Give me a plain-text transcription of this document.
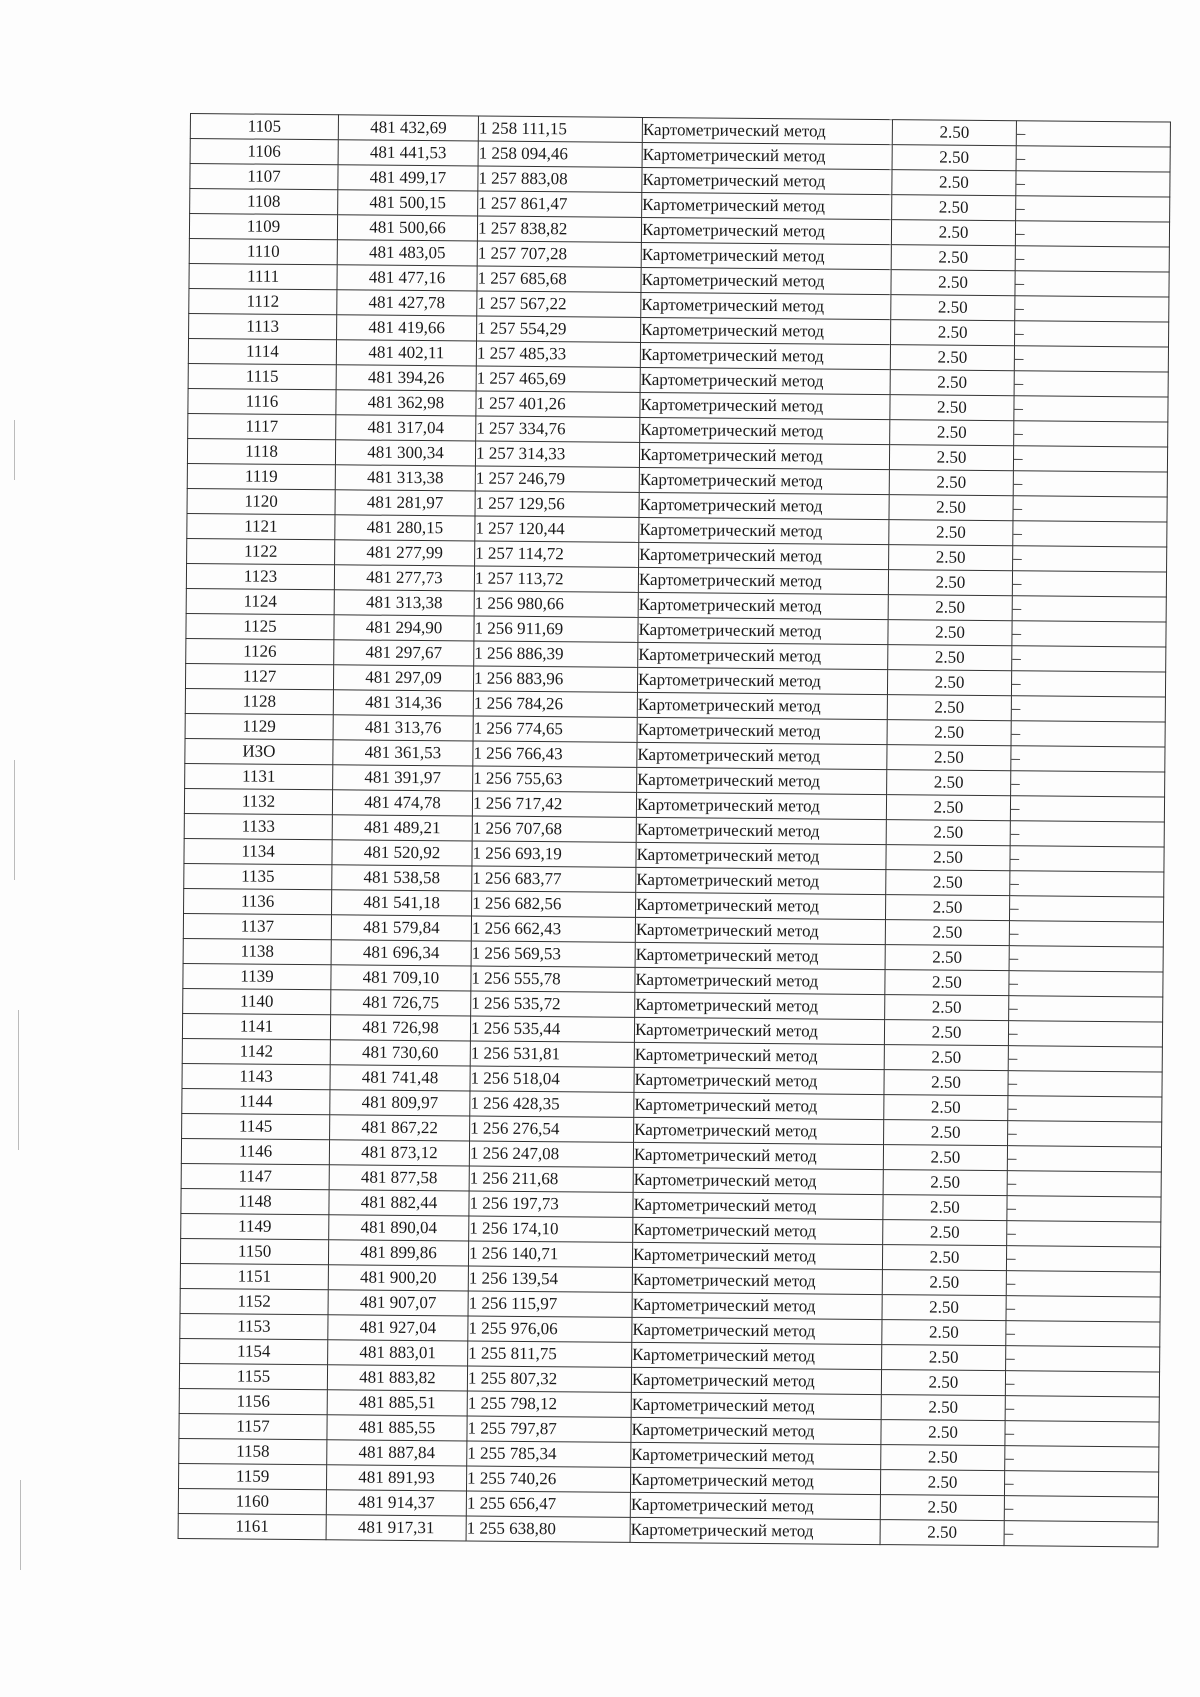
1105	481 432,69	1 258 111,15	Картометрический метод	2.50	–
1106	481 441,53	1 258 094,46	Картометрический метод	2.50	–
1107	481 499,17	1 257 883,08	Картометрический метод	2.50	–
1108	481 500,15	1 257 861,47	Картометрический метод	2.50	–
1109	481 500,66	1 257 838,82	Картометрический метод	2.50	–
1110	481 483,05	1 257 707,28	Картометрический метод	2.50	–
1111	481 477,16	1 257 685,68	Картометрический метод	2.50	–
1112	481 427,78	1 257 567,22	Картометрический метод	2.50	–
1113	481 419,66	1 257 554,29	Картометрический метод	2.50	–
1114	481 402,11	1 257 485,33	Картометрический метод	2.50	–
1115	481 394,26	1 257 465,69	Картометрический метод	2.50	–
1116	481 362,98	1 257 401,26	Картометрический метод	2.50	–
1117	481 317,04	1 257 334,76	Картометрический метод	2.50	–
1118	481 300,34	1 257 314,33	Картометрический метод	2.50	–
1119	481 313,38	1 257 246,79	Картометрический метод	2.50	–
1120	481 281,97	1 257 129,56	Картометрический метод	2.50	–
1121	481 280,15	1 257 120,44	Картометрический метод	2.50	–
1122	481 277,99	1 257 114,72	Картометрический метод	2.50	–
1123	481 277,73	1 257 113,72	Картометрический метод	2.50	–
1124	481 313,38	1 256 980,66	Картометрический метод	2.50	–
1125	481 294,90	1 256 911,69	Картометрический метод	2.50	–
1126	481 297,67	1 256 886,39	Картометрический метод	2.50	–
1127	481 297,09	1 256 883,96	Картометрический метод	2.50	–
1128	481 314,36	1 256 784,26	Картометрический метод	2.50	–
1129	481 313,76	1 256 774,65	Картометрический метод	2.50	–
ИЗО	481 361,53	1 256 766,43	Картометрический метод	2.50	–
1131	481 391,97	1 256 755,63	Картометрический метод	2.50	–
1132	481 474,78	1 256 717,42	Картометрический метод	2.50	–
1133	481 489,21	1 256 707,68	Картометрический метод	2.50	–
1134	481 520,92	1 256 693,19	Картометрический метод	2.50	–
1135	481 538,58	1 256 683,77	Картометрический метод	2.50	–
1136	481 541,18	1 256 682,56	Картометрический метод	2.50	–
1137	481 579,84	1 256 662,43	Картометрический метод	2.50	–
1138	481 696,34	1 256 569,53	Картометрический метод	2.50	–
1139	481 709,10	1 256 555,78	Картометрический метод	2.50	–
1140	481 726,75	1 256 535,72	Картометрический метод	2.50	–
1141	481 726,98	1 256 535,44	Картометрический метод	2.50	–
1142	481 730,60	1 256 531,81	Картометрический метод	2.50	–
1143	481 741,48	1 256 518,04	Картометрический метод	2.50	–
1144	481 809,97	1 256 428,35	Картометрический метод	2.50	–
1145	481 867,22	1 256 276,54	Картометрический метод	2.50	–
1146	481 873,12	1 256 247,08	Картометрический метод	2.50	–
1147	481 877,58	1 256 211,68	Картометрический метод	2.50	–
1148	481 882,44	1 256 197,73	Картометрический метод	2.50	–
1149	481 890,04	1 256 174,10	Картометрический метод	2.50	–
1150	481 899,86	1 256 140,71	Картометрический метод	2.50	–
1151	481 900,20	1 256 139,54	Картометрический метод	2.50	–
1152	481 907,07	1 256 115,97	Картометрический метод	2.50	–
1153	481 927,04	1 255 976,06	Картометрический метод	2.50	–
1154	481 883,01	1 255 811,75	Картометрический метод	2.50	–
1155	481 883,82	1 255 807,32	Картометрический метод	2.50	–
1156	481 885,51	1 255 798,12	Картометрический метод	2.50	–
1157	481 885,55	1 255 797,87	Картометрический метод	2.50	–
1158	481 887,84	1 255 785,34	Картометрический метод	2.50	–
1159	481 891,93	1 255 740,26	Картометрический метод	2.50	–
1160	481 914,37	1 255 656,47	Картометрический метод	2.50	–
1161	481 917,31	1 255 638,80	Картометрический метод	2.50	–
